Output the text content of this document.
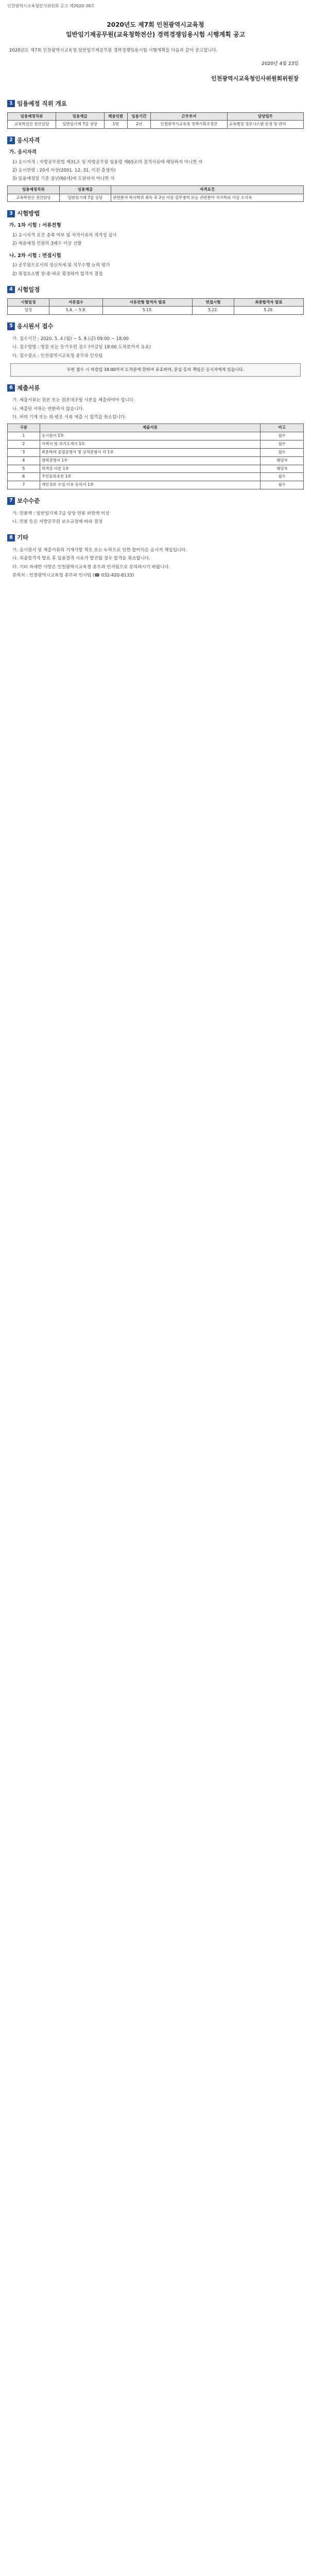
인천광역시교육청인사위원회 공고 제2020-38호
2020년도 제7회 인천광역시교육청
일반임기제공무원(교육청학전산) 경력경쟁임용시험 시행계획 공고
2020년도 제7회 인천광역시교육청 일반임기제공무원 경력경쟁임용시험 시행계획을 다음과 같이 공고합니다.
2020년 4월 23일
인천광역시교육청인사위원회위원장
1 임용예정 직위 개요
임용예정직위	임용계급	채용인원	임용기간	근무부서	담당업무
교육학전산 전산담당	일반임기제 7급 상당	1명	2년	인천광역시교육청 정책기획조정관	교육행정 정보시스템 운영 및 관리
2 응시자격
가. 응시자격
1) 응시자격 : 지방공무원법 제31조 및 지방공무원 임용령 제65조의 결격사유에 해당하지 아니한 자
2) 응시연령 : 20세 이상(2001. 12. 31. 이전 출생자)
3) 임용예정일 기준 정년(60세)에 도달하지 아니한 자
임용예정직위	임용계급	자격요건
교육학전산 전산담당	일반임기제 7급 상당	관련분야 학사학위 취득 후 2년 이상 실무경력 또는 관련분야 석사학위 이상 소지자
3 시험방법
가. 1차 시험 : 서류전형
1) 응시자격 요건 충족 여부 및 자격서류의 적격성 심사
2) 채용예정 인원의 3배수 이상 선발
나. 2차 시험 : 면접시험
1) 공무원으로서의 정신자세 및 직무수행 능력 평가
2) 평정요소별 상·중·하로 평정하여 합격자 결정
4 시험일정
시험일정	서류접수	서류전형 합격자 발표	면접시험	최종합격자 발표
일정	5.4. ~ 5.8.	5.15.	5.22.	5.29.
5 응시원서 접수
가. 접수기간 : 2020. 5. 4.(월) ~ 5. 8.(금) 09:00 ~ 18:00
나. 접수방법 : 방문 또는 등기우편 접수 (마감일 18:00 도착분까지 유효)
다. 접수장소 : 인천광역시교육청 총무과 인사팀
우편 접수 시 마감일 18:00까지 도착분에 한하여 유효하며, 분실 등의 책임은 응시자에게 있습니다.
6 제출서류
가. 제출서류는 원본 또는 원본대조필 사본을 제출하여야 합니다.
나. 제출된 서류는 반환하지 않습니다.
다. 허위 기재 또는 위·변조 서류 제출 시 합격을 취소합니다.
구분	제출서류	비고
1	응시원서 1부	필수
2	이력서 및 자기소개서 1부	필수
3	최종학력 졸업증명서 및 성적증명서 각 1부	필수
4	경력증명서 1부	해당자
5	자격증 사본 1부	해당자
6	주민등록초본 1부	필수
7	개인정보 수집·이용 동의서 1부	필수
7 보수수준
가. 연봉액 : 일반임기제 7급 상당 연봉 하한액 이상
나. 연봉 등은 지방공무원 보수규정에 따라 결정
8 기타
가. 응시원서 및 제출서류의 기재사항 착오 또는 누락으로 인한 불이익은 응시자 책임입니다.
나. 최종합격자 발표 후 임용결격 사유가 발견될 경우 합격을 취소합니다.
다. 기타 자세한 사항은 인천광역시교육청 총무과 인사팀으로 문의하시기 바랍니다.
문의처 : 인천광역시교육청 총무과 인사팀 (☎ 032-420-8133)
